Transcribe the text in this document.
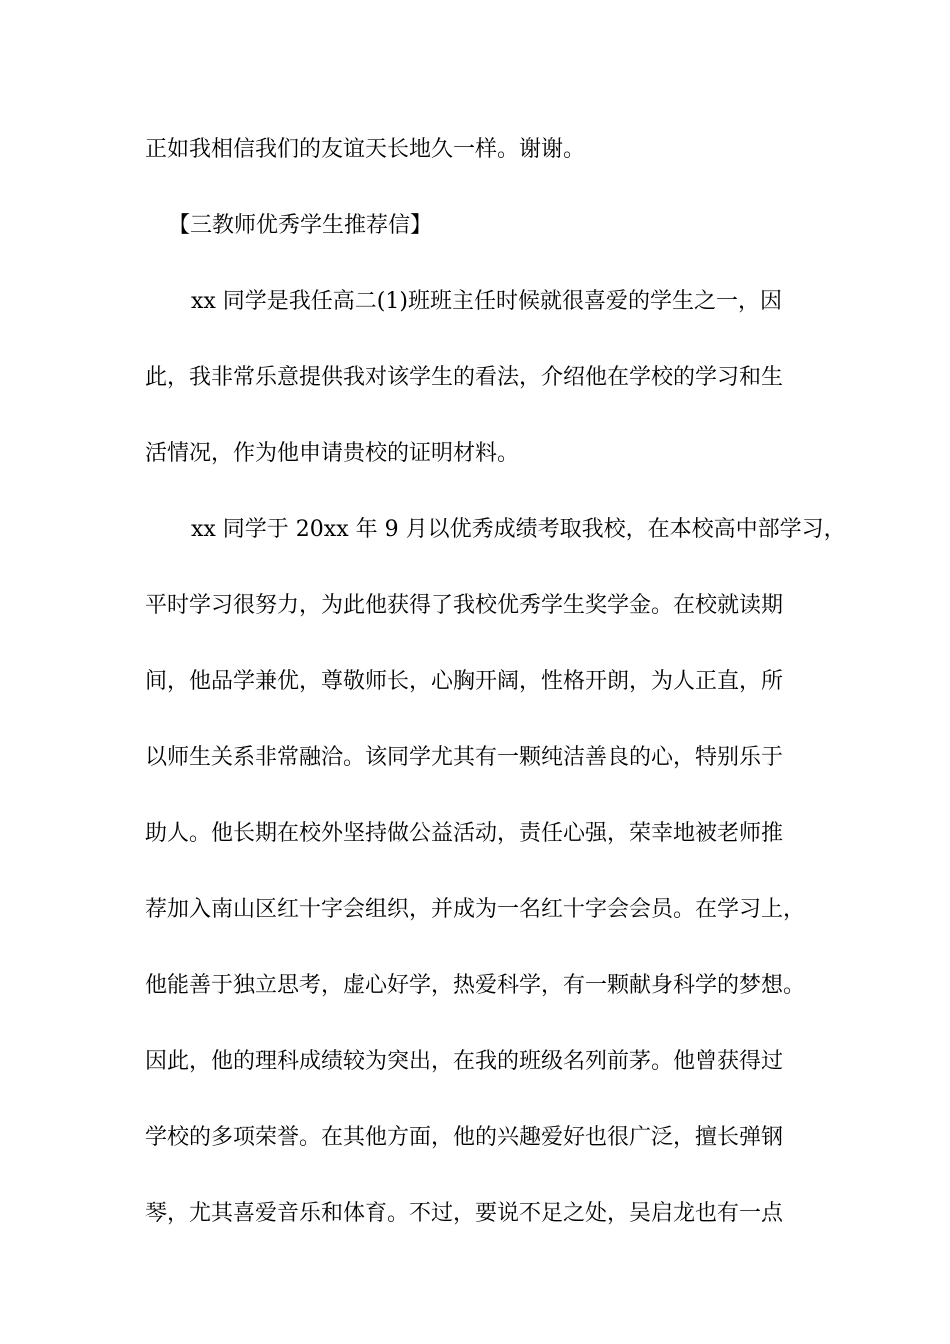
正如我相信我们的友谊天长地久一样。谢谢。
【三教师优秀学生推荐信】
xx 同学是我任高二(1)班班主任时候就很喜爱的学生之一，因
此，我非常乐意提供我对该学生的看法，介绍他在学校的学习和生
活情况，作为他申请贵校的证明材料。
xx 同学于 20xx 年 9 月以优秀成绩考取我校，在本校高中部学习，
平时学习很努力，为此他获得了我校优秀学生奖学金。在校就读期
间，他品学兼优，尊敬师长，心胸开阔，性格开朗，为人正直，所
以师生关系非常融洽。该同学尤其有一颗纯洁善良的心，特别乐于
助人。他长期在校外坚持做公益活动，责任心强，荣幸地被老师推
荐加入南山区红十字会组织，并成为一名红十字会会员。在学习上，
他能善于独立思考，虚心好学，热爱科学，有一颗献身科学的梦想。
因此，他的理科成绩较为突出，在我的班级名列前茅。他曾获得过
学校的多项荣誉。在其他方面，他的兴趣爱好也很广泛，擅长弹钢
琴，尤其喜爱音乐和体育。不过，要说不足之处，吴启龙也有一点
